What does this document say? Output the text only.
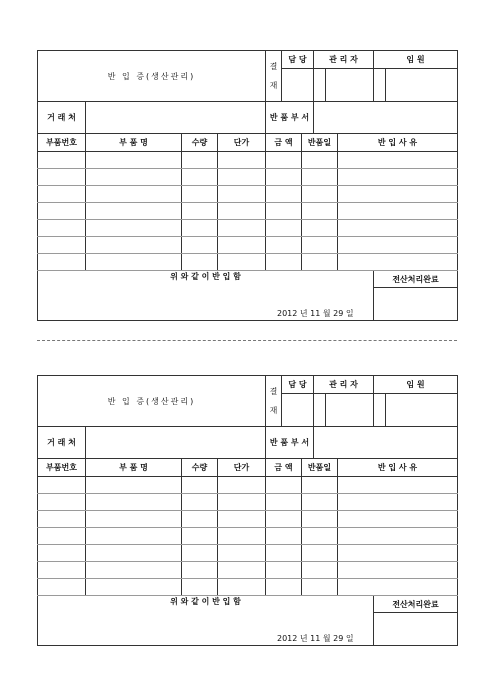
반 입 증(생산관리)				결
재	담 당		관 리 자			임 원	

거 래 처				반 품 부 서							
부품번호	부 품 명	수량	단가	금 액		반품일			반 입 사 유		

위 와 같 이 반 입 함										전산처리완료	

2012 년 11 월 29 일
반 입 증(생산관리)				결
재	담 당		관 리 자			임 원	

거 래 처				반 품 부 서							
부품번호	부 품 명	수량	단가	금 액		반품일			반 입 사 유		

위 와 같 이 반 입 함										전산처리완료	

2012 년 11 월 29 일
